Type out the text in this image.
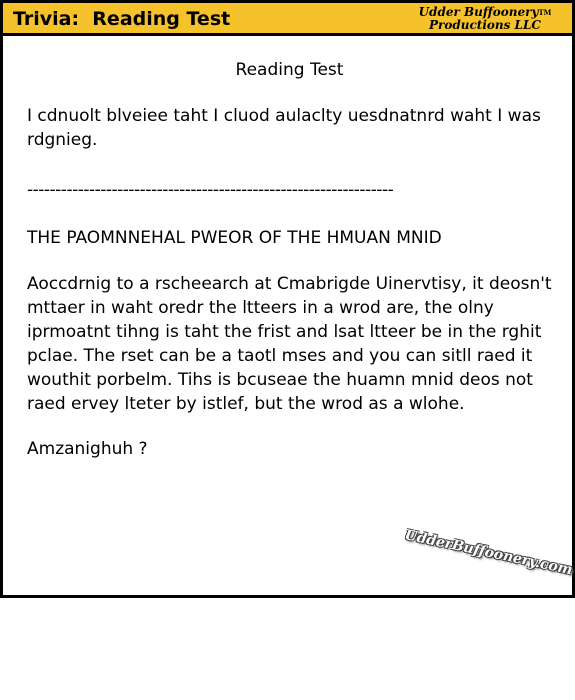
Trivia:  Reading Test	Udder Buffoonery™
Productions LLC
Reading Test

I cdnuolt blveiee taht I cluod aulaclty uesdnatnrd waht I was rdgnieg.

-----------------------------------------------------------------
THE PAOMNNEHAL PWEOR OF THE HMUAN MNID

Aoccdrnig to a rscheearch at Cmabrigde Uinervtisy, it deosn't mttaer in waht oredr the ltteers in a wrod are, the olny iprmoatnt tihng is taht the frist and lsat ltteer be in the rghit pclae. The rset can be a taotl mses and you can sitll raed it wouthit porbelm. Tihs is bcuseae the huamn mnid deos not raed ervey lteter by istlef, but the wrod as a wlohe.

Amzanighuh ?

UdderBuffoonery.com
